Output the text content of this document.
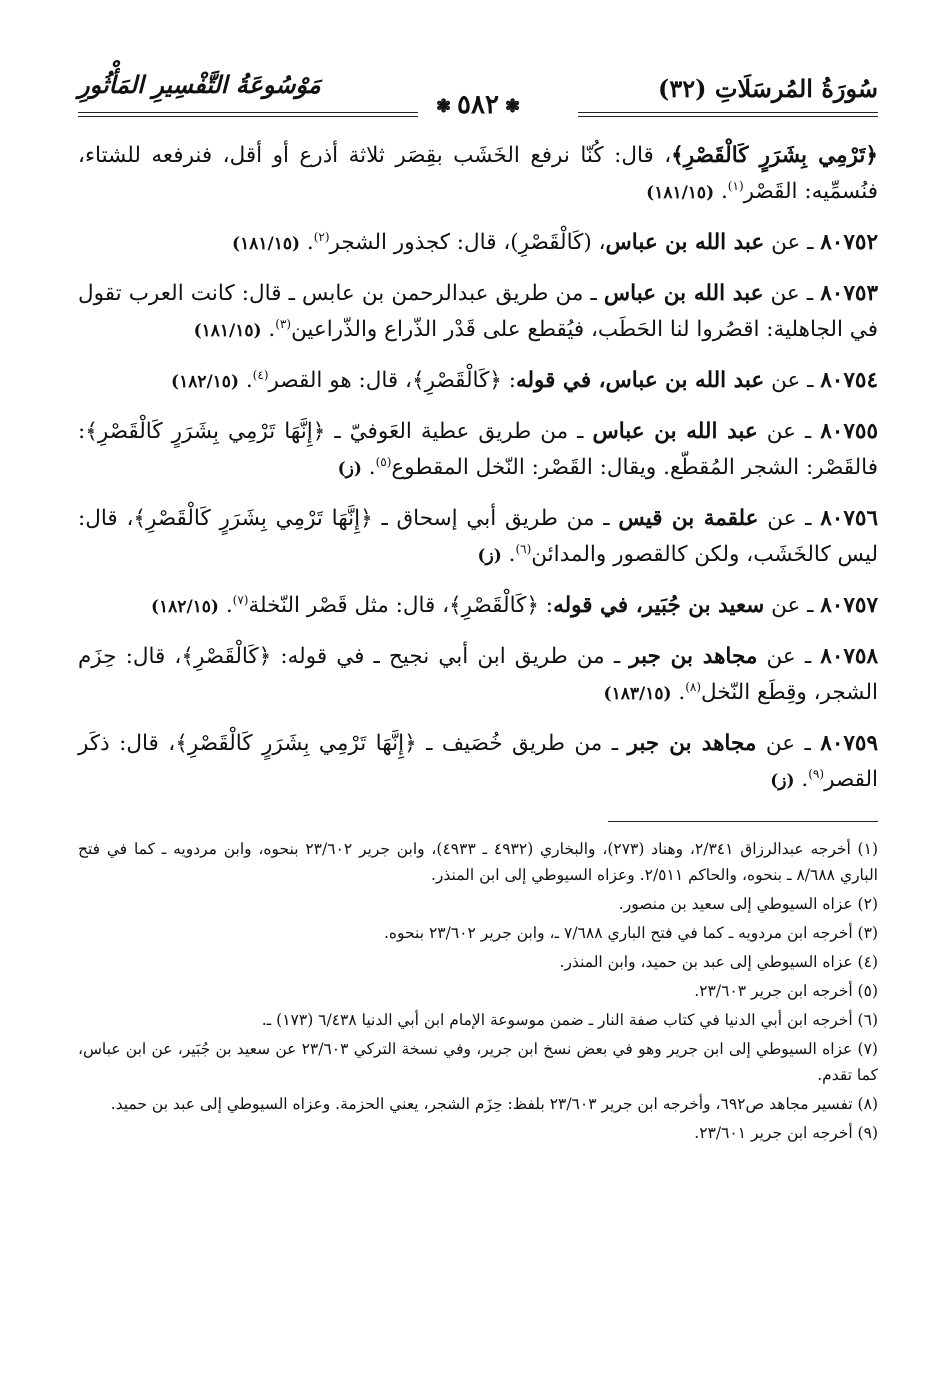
سُورَةُ المُرسَلَاتِ (٣٢)
❃٥٨٢❃
مَوْسُوعَةُ التَّفْسِيرِ المَأْثُورِ

﴿تَرْمِي بِشَرَرٍ كَالْقَصْرِ﴾، قال: كُنّا نرفع الخَشَب بقِصَر ثلاثة أذرع أو أقل، فنرفعه للشتاء، فنُسمِّيه: القَصْر$^{(١)}$. (١٨١/١٥)

٨٠٧٥٢ ـ عن عبد الله بن عباس، (كَالْقَصْرِ)، قال: كجذور الشجر$^{(٢)}$. (١٨١/١٥)

٨٠٧٥٣ ـ عن عبد الله بن عباس ـ من طريق عبدالرحمن بن عابس ـ قال: كانت العرب تقول في الجاهلية: اقصُروا لنا الحَطَب، فيُقطع على قَدْر الذّراع والذّراعين$^{(٣)}$. (١٨١/١٥)

٨٠٧٥٤ ـ عن عبد الله بن عباس، في قوله: ﴿كَالْقَصْرِ﴾، قال: هو القصر$^{(٤)}$. (١٨٢/١٥)

٨٠٧٥٥ ـ عن عبد الله بن عباس ـ من طريق عطية العَوفيّ ـ ﴿إِنَّهَا تَرْمِي بِشَرَرٍ كَالْقَصْرِ﴾: فالقَصْر: الشجر المُقطّع. ويقال: القَصْر: النّخل المقطوع$^{(٥)}$. (ز)

٨٠٧٥٦ ـ عن علقمة بن قيس ـ من طريق أبي إسحاق ـ ﴿إِنَّهَا تَرْمِي بِشَرَرٍ كَالْقَصْرِ﴾، قال: ليس كالخَشَب، ولكن كالقصور والمدائن$^{(٦)}$. (ز)

٨٠٧٥٧ ـ عن سعيد بن جُبَير، في قوله: ﴿كَالْقَصْرِ﴾، قال: مثل قَصْر النّخلة$^{(٧)}$. (١٨٢/١٥)

٨٠٧٥٨ ـ عن مجاهد بن جبر ـ من طريق ابن أبي نجيح ـ في قوله: ﴿كَالْقَصْرِ﴾، قال: حِزَم الشجر، وقِطَع النّخل$^{(٨)}$. (١٨٣/١٥)

٨٠٧٥٩ ـ عن مجاهد بن جبر ـ من طريق خُصَيف ـ ﴿إِنَّهَا تَرْمِي بِشَرَرٍ كَالْقَصْرِ﴾، قال: ذكَر القصر$^{(٩)}$. (ز)

(١) أخرجه عبدالرزاق ٢/٣٤١، وهناد (٢٧٣)، والبخاري (٤٩٣٢ ـ ٤٩٣٣)، وابن جرير ٢٣/٦٠٢ بنحوه، وابن مردويه ـ كما في فتح الباري ٨/٦٨٨ ـ بنحوه، والحاكم ٢/٥١١. وعزاه السيوطي إلى ابن المنذر.

(٢) عزاه السيوطي إلى سعيد بن منصور.

(٣) أخرجه ابن مردويه ـ كما في فتح الباري ٧/٦٨٨ ـ، وابن جرير ٢٣/٦٠٢ بنحوه.

(٤) عزاه السيوطي إلى عبد بن حميد، وابن المنذر.

(٥) أخرجه ابن جرير ٢٣/٦٠٣.

(٦) أخرجه ابن أبي الدنيا في كتاب صفة النار ـ ضمن موسوعة الإمام ابن أبي الدنيا ٦/٤٣٨ (١٧٣) ـ.

(٧) عزاه السيوطي إلى ابن جرير وهو في بعض نسخ ابن جرير، وفي نسخة التركي ٢٣/٦٠٣ عن سعيد بن جُبَير، عن ابن عباس، كما تقدم.

(٨) تفسير مجاهد ص٦٩٢، وأخرجه ابن جرير ٢٣/٦٠٣ بلفظ: حِزَم الشجر، يعني الحزمة. وعزاه السيوطي إلى عبد بن حميد.

(٩) أخرجه ابن جرير ٢٣/٦٠١.
